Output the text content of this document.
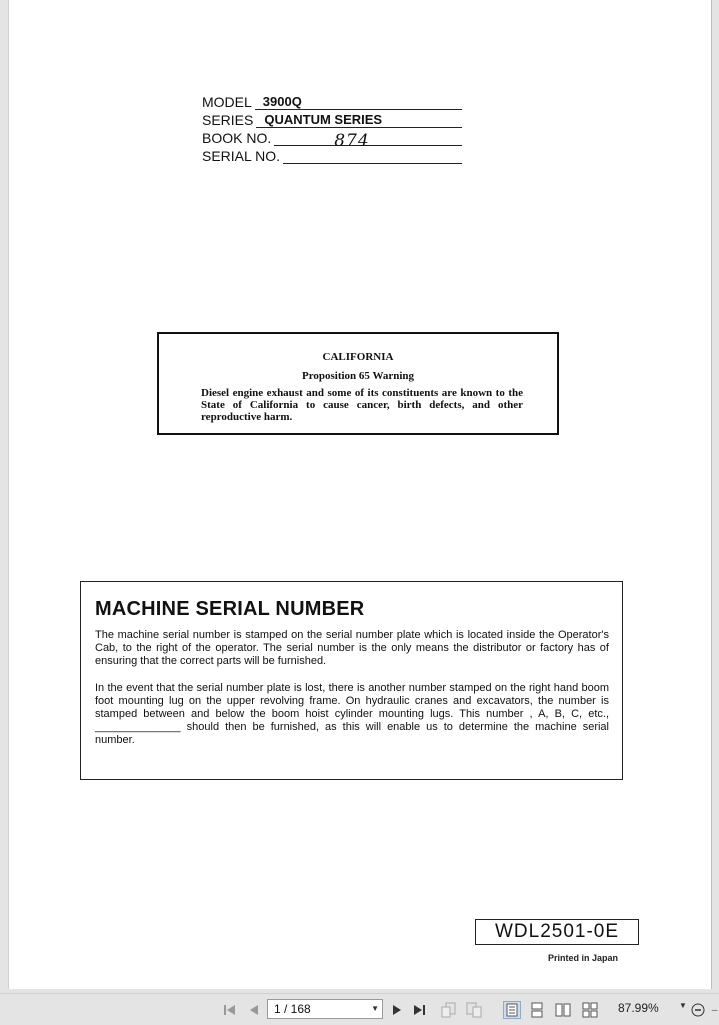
MODEL 3900Q
SERIES QUANTUM SERIES
BOOK NO.	874
SERIAL NO.
CALIFORNIA
Proposition 65 Warning
Diesel engine exhaust and some of its constituents are known to the State of California to cause cancer, birth defects, and other reproductive harm.
MACHINE SERIAL NUMBER
The machine serial number is stamped on the serial number plate which is located inside the Operator's Cab, to the right of the operator. The serial number is the only means the distributor or factory has of ensuring that the correct parts will be furnished.
In the event that the serial number plate is lost, there is another number stamped on the right hand boom foot mounting lug on the upper revolving frame. On hydraulic cranes and excavators, the number is stamped between and below the boom hoist cylinder mounting lugs. This number , A, B, C, etc., ______________ should then be furnished, as this will enable us to determine the machine serial number.
WDL2501-0E
Printed in Japan
1 / 168	▼	87.99%	▼ –
